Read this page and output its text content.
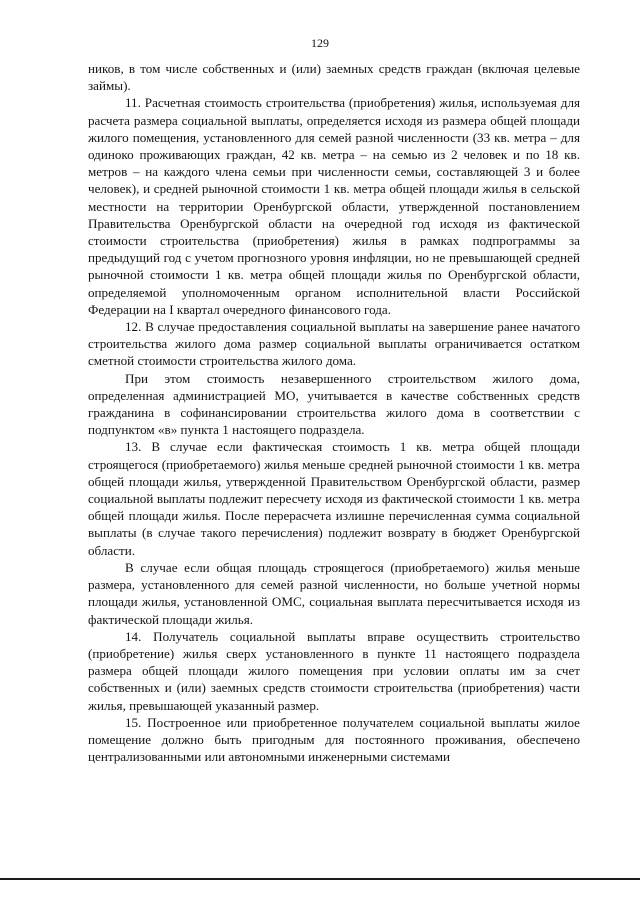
129

ников, в том числе собственных и (или) заемных средств граждан (включая целевые займы).

11. Расчетная стоимость строительства (приобретения) жилья, используемая для расчета размера социальной выплаты, определяется исходя из размера общей площади жилого помещения, установленного для семей разной численности (33 кв. метра – для одиноко проживающих граждан, 42 кв. метра – на семью из 2 человек и по 18 кв. метров – на каждого члена семьи при численности семьи, составляющей 3 и более человек), и средней рыночной стоимости 1 кв. метра общей площади жилья в сельской местности на территории Оренбургской области, утвержденной постановлением Правительства Оренбургской области на очередной год исходя из фактической стоимости строительства (приобретения) жилья в рамках подпрограммы за предыдущий год с учетом прогнозного уровня инфляции, но не превышающей средней рыночной стоимости 1 кв. метра общей площади жилья по Оренбургской области, определяемой уполномоченным органом исполнительной власти Российской Федерации на I квартал очередного финансового года.

12. В случае предоставления социальной выплаты на завершение ранее начатого строительства жилого дома размер социальной выплаты ограничивается остатком сметной стоимости строительства жилого дома.

При этом стоимость незавершенного строительством жилого дома, определенная администрацией МО, учитывается в качестве собственных средств гражданина в софинансировании строительства жилого дома в соответствии с подпунктом «в» пункта 1 настоящего подраздела.

13. В случае если фактическая стоимость 1 кв. метра общей площади строящегося (приобретаемого) жилья меньше средней рыночной стоимости 1 кв. метра общей площади жилья, утвержденной Правительством Оренбургской области, размер социальной выплаты подлежит пересчету исходя из фактической стоимости 1 кв. метра общей площади жилья. После перерасчета излишне перечисленная сумма социальной выплаты (в случае такого перечисления) подлежит возврату в бюджет Оренбургской области.

В случае если общая площадь строящегося (приобретаемого) жилья меньше размера, установленного для семей разной численности, но больше учетной нормы площади жилья, установленной ОМС, социальная выплата пересчитывается исходя из фактической площади жилья.

14. Получатель социальной выплаты вправе осуществить строительство (приобретение) жилья сверх установленного в пункте 11 настоящего подраздела размера общей площади жилого помещения при условии оплаты им за счет собственных и (или) заемных средств стоимости строительства (приобретения) части жилья, превышающей указанный размер.

15. Построенное или приобретенное получателем социальной выплаты жилое помещение должно быть пригодным для постоянного проживания, обеспечено централизованными или автономными инженерными системами
